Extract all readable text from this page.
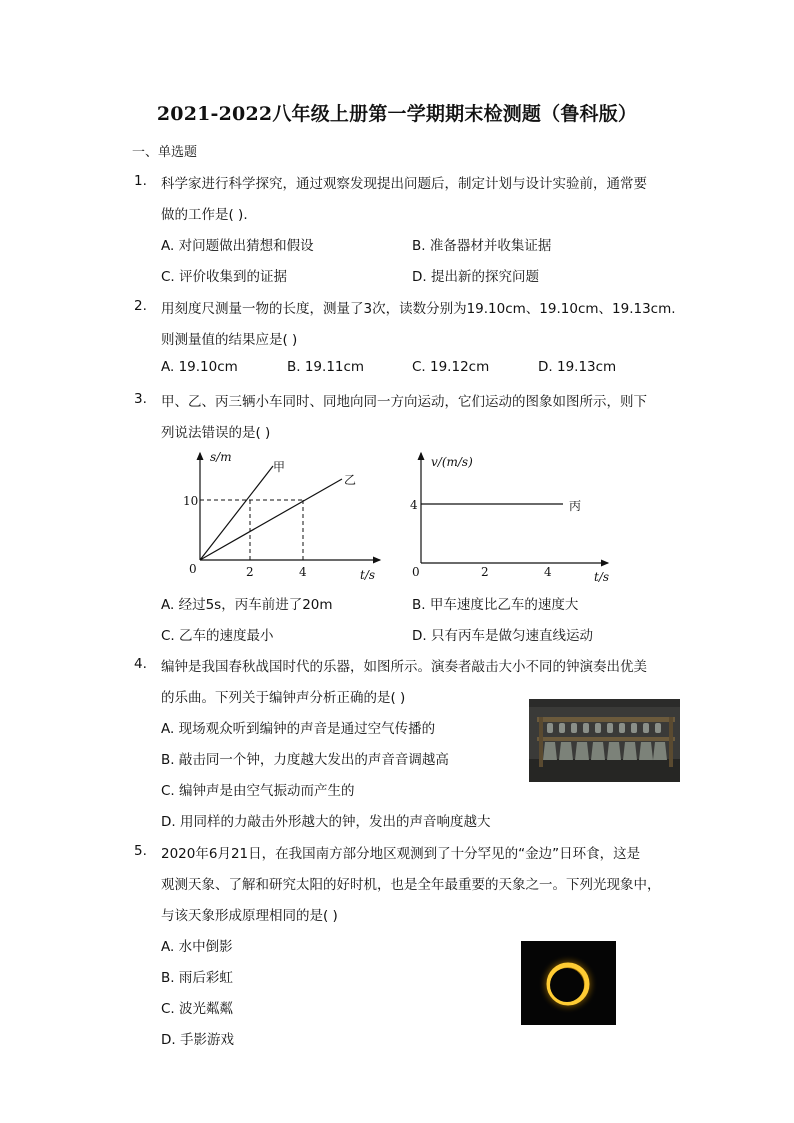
2021-2022八年级上册第一学期期末检测题（鲁科版）
一、单选题
1. 科学家进行科学探究，通过观察发现提出问题后，制定计划与设计实验前，通常要
做的工作是( ).
A. 对问题做出猜想和假设	B. 准备器材并收集证据
C. 评价收集到的证据	D. 提出新的探究问题
2. 用刻度尺测量一物的长度，测量了3次，读数分别为19.10cm、19.10cm、19.13cm.
则测量值的结果应是( )
A. 19.10cm	B. 19.11cm	C. 19.12cm	D. 19.13cm
3. 甲、乙、丙三辆小车同时、同地向同一方向运动，它们运动的图象如图所示，则下
列说法错误的是( )
s/m
10
0	2	4	t/s
甲
乙
v/(m/s)
4
0	2	4	t/s
丙
A. 经过5s，丙车前进了20m	B. 甲车速度比乙车的速度大
C. 乙车的速度最小	D. 只有丙车是做匀速直线运动
4. 编钟是我国春秋战国时代的乐器，如图所示。演奏者敲击大小不同的钟演奏出优美
的乐曲。下列关于编钟声分析正确的是( )
A. 现场观众听到编钟的声音是通过空气传播的
B. 敲击同一个钟，力度越大发出的声音音调越高
C. 编钟声是由空气振动而产生的
D. 用同样的力敲击外形越大的钟，发出的声音响度越大
5. 2020年6月21日，在我国南方部分地区观测到了十分罕见的“金边”日环食，这是
观测天象、了解和研究太阳的好时机，也是全年最重要的天象之一。下列光现象中，
与该天象形成原理相同的是( )
A. 水中倒影
B. 雨后彩虹
C. 波光粼粼
D. 手影游戏
